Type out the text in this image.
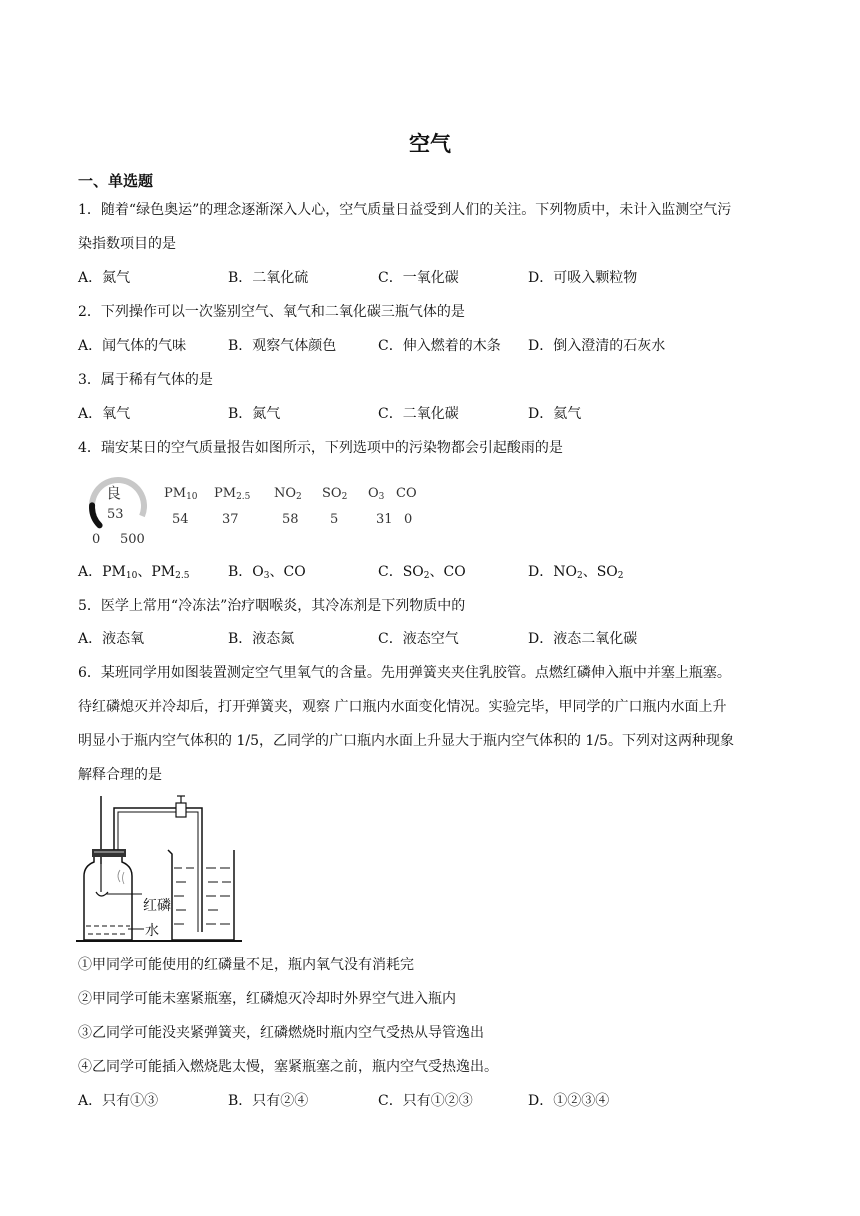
空气
一、单选题
1．随着“绿色奥运”的理念逐渐深入人心，空气质量日益受到人们的关注。下列物质中，未计入监测空气污
染指数项目的是
A．氮气	B．二氧化硫	C．一氧化碳	D．可吸入颗粒物
2．下列操作可以一次鉴别空气、氧气和二氧化碳三瓶气体的是
A．闻气体的气味	B．观察气体颜色	C．伸入燃着的木条 D．倒入澄清的石灰水
3．属于稀有气体的是
A．氧气	B．氮气	C．二氧化碳	D．氦气
4．瑞安某日的空气质量报告如图所示，下列选项中的污染物都会引起酸雨的是
良
53
0 500
$PM_{10}$
54
$PM_{2.5}$
37
$NO_2$
58
$SO_2$
5
$O_3$
31
CO
0
A．$PM_{10}$、$PM_{2.5}$	B．$O_3$、CO	C．$SO_2$、CO	D．$NO_2$、$SO_2$
5．医学上常用“冷冻法”治疗咽喉炎，其冷冻剂是下列物质中的
A．液态氧	B．液态氮	C．液态空气	D．液态二氧化碳
6．某班同学用如图装置测定空气里氧气的含量。先用弹簧夹夹住乳胶管。点燃红磷伸入瓶中并塞上瓶塞。
待红磷熄灭并冷却后，打开弹簧夹，观察 广口瓶内水面变化情况。实验完毕，甲同学的广口瓶内水面上升
明显小于瓶内空气体积的 1/5，乙同学的广口瓶内水面上升显大于瓶内空气体积的 1/5。下列对这两种现象
解释合理的是
红磷
水
①甲同学可能使用的红磷量不足，瓶内氧气没有消耗完
②甲同学可能未塞紧瓶塞，红磷熄灭冷却时外界空气进入瓶内
③乙同学可能没夹紧弹簧夹，红磷燃烧时瓶内空气受热从导管逸出
④乙同学可能插入燃烧匙太慢，塞紧瓶塞之前，瓶内空气受热逸出。
A．只有①③	B．只有②④	C．只有①②③	D．①②③④
